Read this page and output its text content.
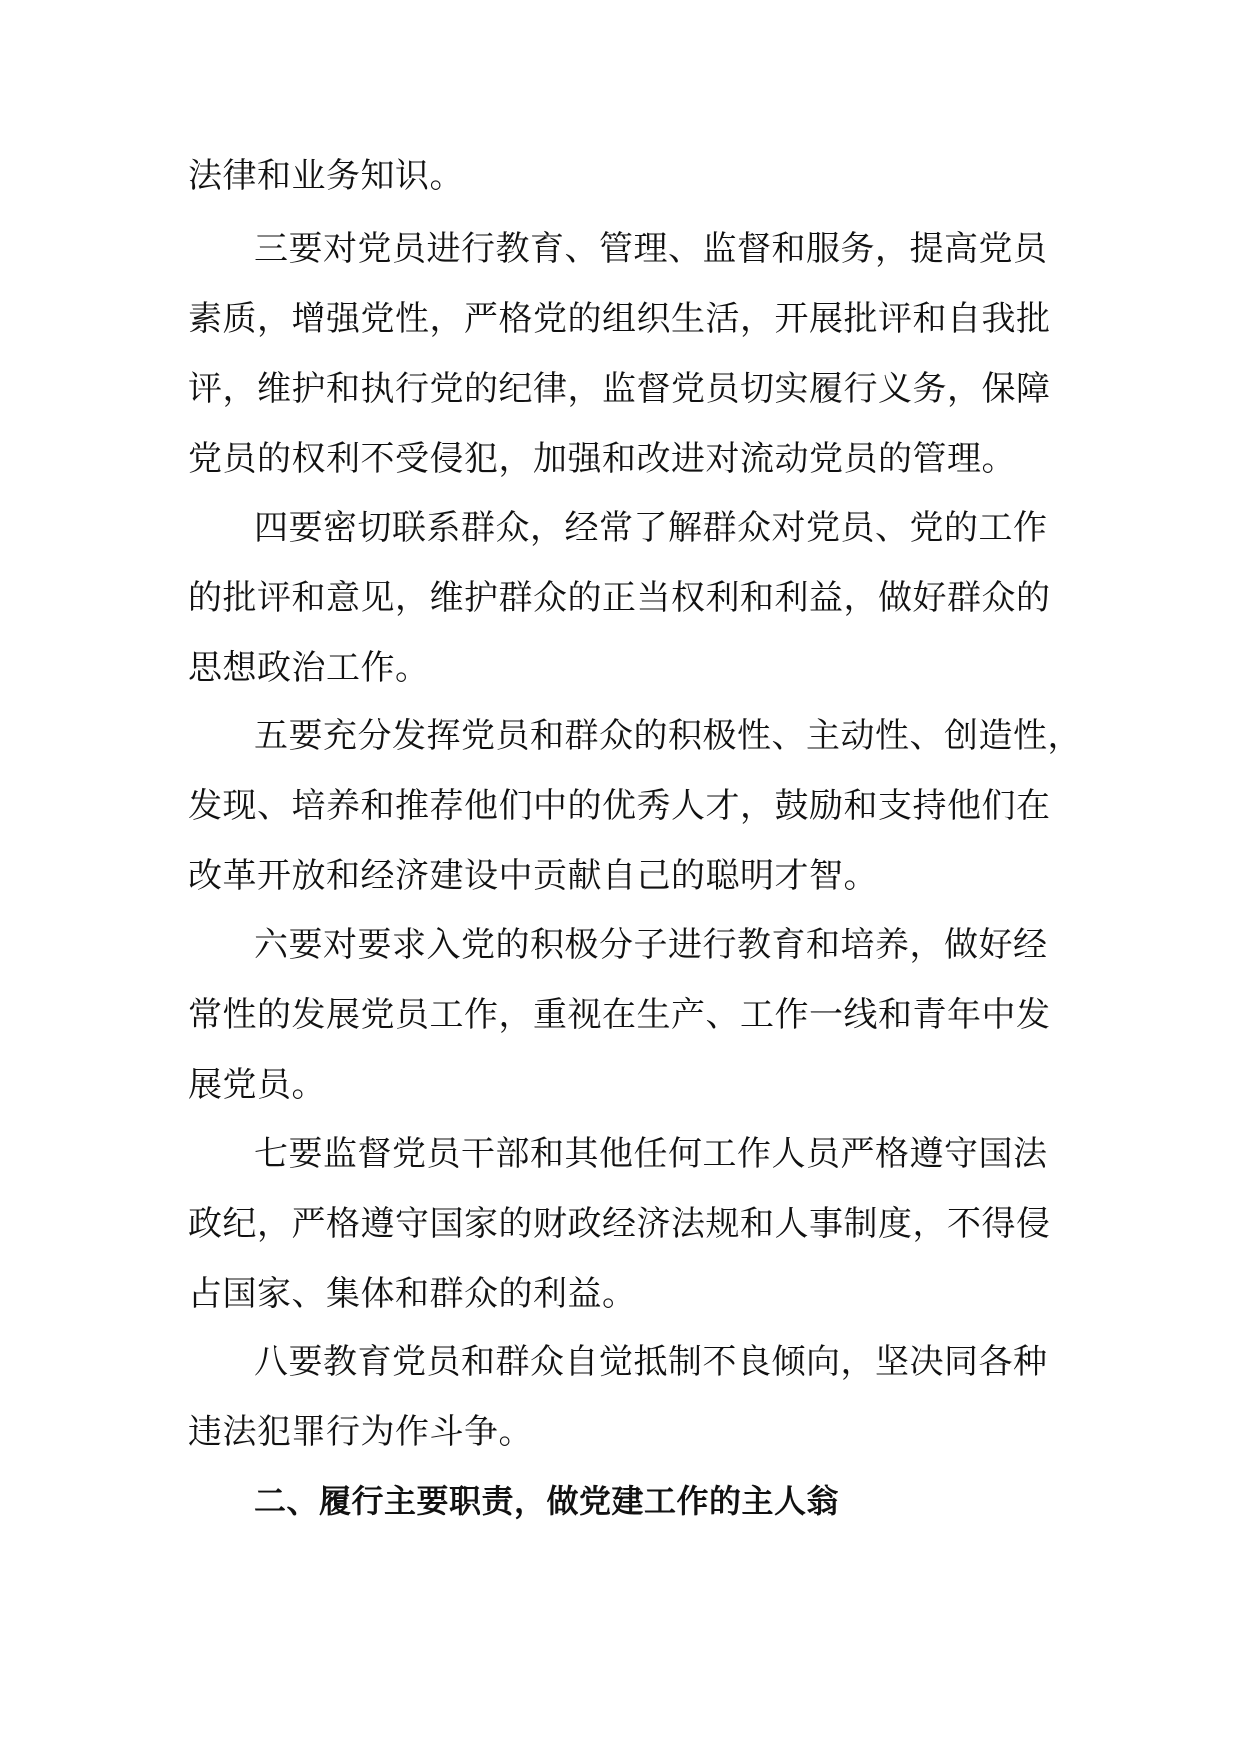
法律和业务知识。
三要对党员进行教育、管理、监督和服务，提高党员
素质，增强党性，严格党的组织生活，开展批评和自我批
评，维护和执行党的纪律，监督党员切实履行义务，保障
党员的权利不受侵犯，加强和改进对流动党员的管理。
四要密切联系群众，经常了解群众对党员、党的工作
的批评和意见，维护群众的正当权利和利益，做好群众的
思想政治工作。
五要充分发挥党员和群众的积极性、主动性、创造性，
发现、培养和推荐他们中的优秀人才，鼓励和支持他们在
改革开放和经济建设中贡献自己的聪明才智。
六要对要求入党的积极分子进行教育和培养，做好经
常性的发展党员工作，重视在生产、工作一线和青年中发
展党员。
七要监督党员干部和其他任何工作人员严格遵守国法
政纪，严格遵守国家的财政经济法规和人事制度，不得侵
占国家、集体和群众的利益。
八要教育党员和群众自觉抵制不良倾向，坚决同各种
违法犯罪行为作斗争。
二、履行主要职责，做党建工作的主人翁
